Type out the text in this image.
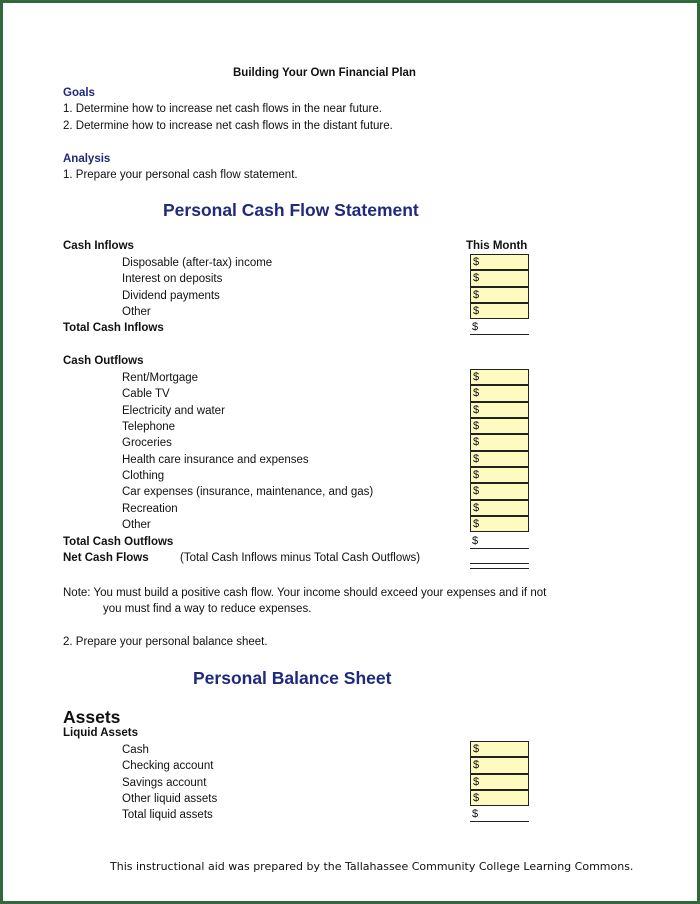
Building Your Own Financial Plan
Goals
1. Determine how to increase net cash flows in the near future.
2. Determine how to increase net cash flows in the distant future.
Analysis
1. Prepare your personal cash flow statement.
Personal Cash Flow Statement
Cash Inflows	This Month
Disposable (after-tax) income	$
Interest on deposits	$
Dividend payments	$
Other	$
Total Cash Inflows	$
Cash Outflows
Rent/Mortgage	$
Cable TV	$
Electricity and water	$
Telephone	$
Groceries	$
Health care insurance and expenses	$
Clothing	$
Car expenses (insurance, maintenance, and gas)	$
Recreation	$
Other	$
Total Cash Outflows	$
Net Cash Flows	(Total Cash Inflows minus Total Cash Outflows)
Note: You must build a positive cash flow. Your income should exceed your expenses and if not
you must find a way to reduce expenses.
2. Prepare your personal balance sheet.
Personal Balance Sheet
Assets
Liquid Assets
Cash	$
Checking account	$
Savings account	$
Other liquid assets	$
Total liquid assets	$
This instructional aid was prepared by the Tallahassee Community College Learning Commons.
